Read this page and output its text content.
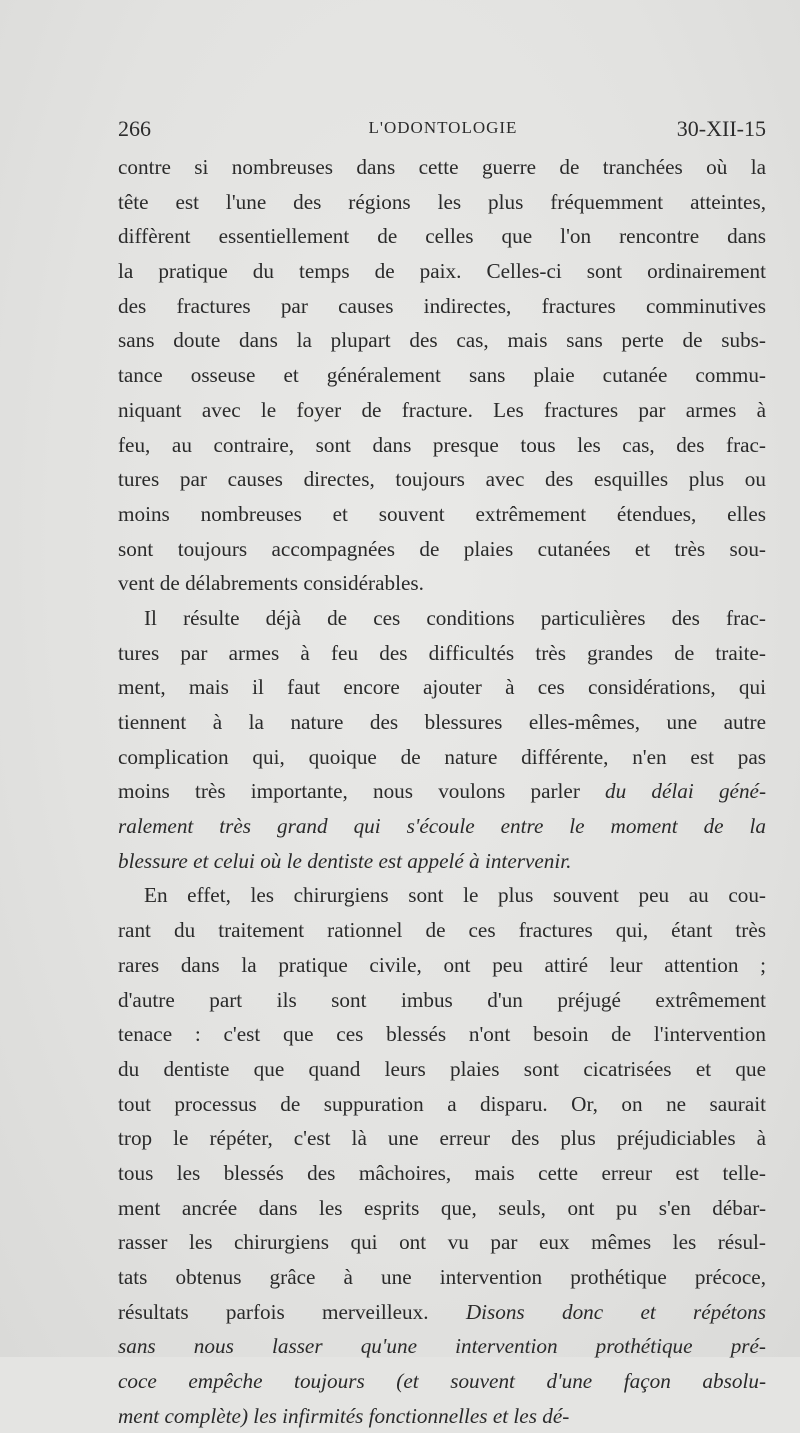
266	L'ODONTOLOGIE	30-XII-15
contre si nombreuses dans cette guerre de tranchées où la
tête est l'une des régions les plus fréquemment atteintes,
diffèrent essentiellement de celles que l'on rencontre dans
la pratique du temps de paix. Celles-ci sont ordinairement
des fractures par causes indirectes, fractures comminutives
sans doute dans la plupart des cas, mais sans perte de subs-
tance osseuse et généralement sans plaie cutanée commu-
niquant avec le foyer de fracture. Les fractures par armes à
feu, au contraire, sont dans presque tous les cas, des frac-
tures par causes directes, toujours avec des esquilles plus ou
moins nombreuses et souvent extrêmement étendues, elles
sont toujours accompagnées de plaies cutanées et très sou-
vent de délabrements considérables.
Il résulte déjà de ces conditions particulières des frac-
tures par armes à feu des difficultés très grandes de traite-
ment, mais il faut encore ajouter à ces considérations, qui
tiennent à la nature des blessures elles-mêmes, une autre
complication qui, quoique de nature différente, n'en est pas
moins très importante, nous voulons parler du délai géné-
ralement très grand qui s'écoule entre le moment de la
blessure et celui où le dentiste est appelé à intervenir.
En effet, les chirurgiens sont le plus souvent peu au cou-
rant du traitement rationnel de ces fractures qui, étant très
rares dans la pratique civile, ont peu attiré leur attention ;
d'autre part ils sont imbus d'un préjugé extrêmement
tenace : c'est que ces blessés n'ont besoin de l'intervention
du dentiste que quand leurs plaies sont cicatrisées et que
tout processus de suppuration a disparu. Or, on ne saurait
trop le répéter, c'est là une erreur des plus préjudiciables à
tous les blessés des mâchoires, mais cette erreur est telle-
ment ancrée dans les esprits que, seuls, ont pu s'en débar-
rasser les chirurgiens qui ont vu par eux mêmes les résul-
tats obtenus grâce à une intervention prothétique précoce,
résultats parfois merveilleux. Disons donc et répétons
sans nous lasser qu'une intervention prothétique pré-
coce empêche toujours (et souvent d'une façon absolu-
ment complète) les infirmités fonctionnelles et les dé-
